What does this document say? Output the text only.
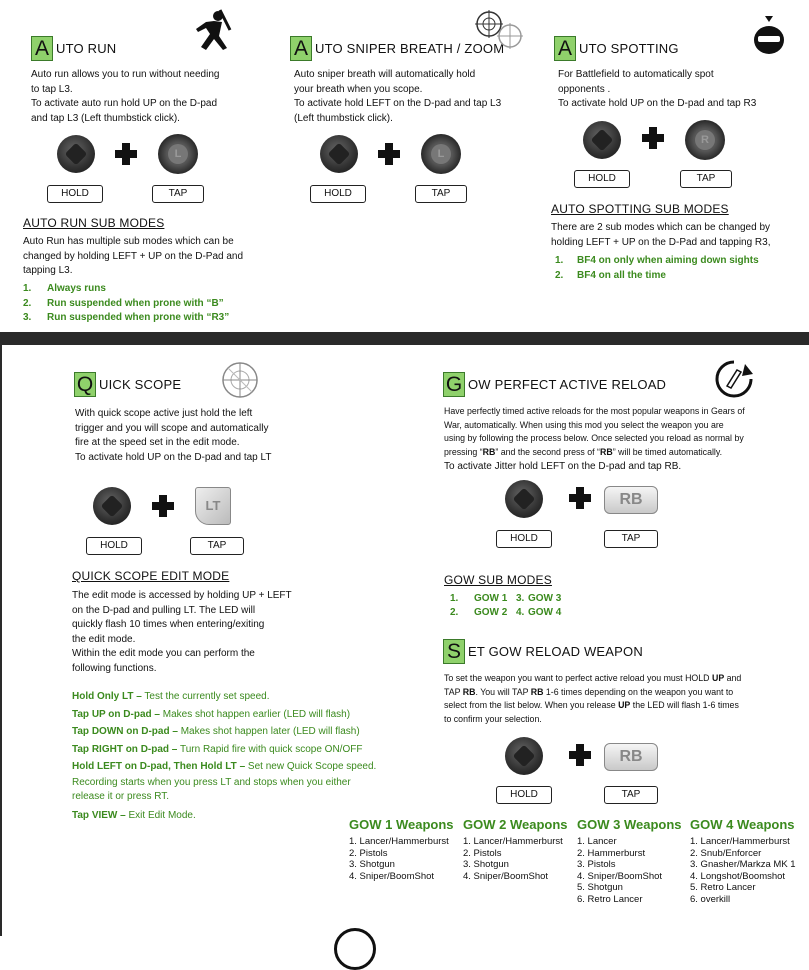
A UTO RUN
Auto run allows you to run without needing
to tap L3.
To activate auto run hold UP on the D-pad
and tap L3 (Left thumbstick click).
L
HOLD	TAP
AUTO RUN SUB MODES
Auto Run has multiple sub modes which can be
changed by holding LEFT + UP on the D-Pad and
tapping L3.
1. Always runs
2. Run suspended when prone with “B”
3. Run suspended when prone with “R3”
A UTO SNIPER BREATH / ZOOM
Auto sniper breath will automatically hold
your breath when you scope.
To activate hold LEFT on the D-pad and tap L3
(Left thumbstick click).
L
HOLD	TAP
A UTO SPOTTING
For Battlefield to automatically spot
opponents .
To activate hold UP on the D-pad and tap R3
R
HOLD	TAP
AUTO SPOTTING SUB MODES
There are 2 sub modes which can be changed by
holding LEFT + UP on the D-Pad and tapping R3,
1. BF4 on only when aiming down sights
2. BF4 on all the time
Q UICK SCOPE
With quick scope active just hold the left
trigger and you will scope and automatically
fire at the speed set in the edit mode.
To activate hold UP on the D-pad and tap LT
LT
HOLD	TAP
QUICK SCOPE EDIT MODE
The edit mode is accessed by holding UP + LEFT
on the D-pad and pulling LT. The LED will
quickly flash 10 times when entering/exiting
the edit mode.
Within the edit mode you can perform the
following functions.
Hold Only LT – Test the currently set speed.
Tap UP on D-pad – Makes shot happen earlier (LED will flash)
Tap DOWN on D-pad – Makes shot happen later (LED will flash)
Tap RIGHT on D-pad – Turn Rapid fire with quick scope ON/OFF
Hold LEFT on D-pad, Then Hold LT – Set new Quick Scope speed.
Recording starts when you press LT and stops when you either
release it or press RT.
Tap VIEW – Exit Edit Mode.
G OW PERFECT ACTIVE RELOAD
Have perfectly timed active reloads for the most popular weapons in Gears of
War, automatically. When using this mod you select the weapon you are
using by following the process below. Once selected you reload as normal by
pressing “RB” and the second press of “RB” will be timed automatically.
To activate Jitter hold LEFT on the D-pad and tap RB.
RB
HOLD	TAP
GOW SUB MODES
1. GOW 1 3. GOW 3
2. GOW 2 4. GOW 4
S ET GOW RELOAD WEAPON
To set the weapon you want to perfect active reload you must HOLD UP and
TAP RB. You will TAP RB 1-6 times depending on the weapon you want to
select from the list below. When you release UP the LED will flash 1-6 times
to confirm your selection.
RB
HOLD	TAP
GOW 1 Weapons
1. Lancer/Hammerburst
2. Pistols
3. Shotgun
4. Sniper/BoomShot
GOW 2 Weapons
1. Lancer/Hammerburst
2. Pistols
3. Shotgun
4. Sniper/BoomShot
GOW 3 Weapons
1. Lancer
2. Hammerburst
3. Pistols
4. Sniper/BoomShot
5. Shotgun
6. Retro Lancer
GOW 4 Weapons
1. Lancer/Hammerburst
2. Snub/Enforcer
3. Gnasher/Markza MK 1
4. Longshot/Boomshot
5. Retro Lancer
6. overkill
